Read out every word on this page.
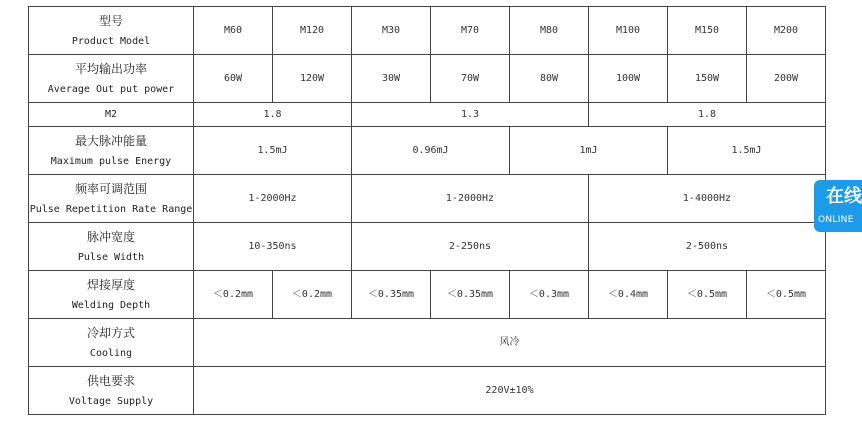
型号
Product Model	M60	M120	M30	M70	M80	M100	M150	M200

平均输出功率
Average Out put power	60W	120W	30W	70W	80W	100W	150W	200W

M2	1.8		1.3			1.8		

最大脉冲能量
Maximum pulse Energy	1.5mJ		0.96mJ		1mJ		1.5mJ	

频率可调范围
Pulse Repetition Rate Range	1-2000Hz		1-2000Hz			1-4000Hz		

脉冲宽度
Pulse Width	10-350ns		2-250ns			2-500ns		

焊接厚度
Welding Depth	＜0.2mm	＜0.2mm	＜0.35mm	＜0.35mm	＜0.3mm	＜0.4mm	＜0.5mm	＜0.5mm

冷却方式
Cooling	风冷							

供电要求
Voltage Supply	220V±10%							
在线
ONLINE
